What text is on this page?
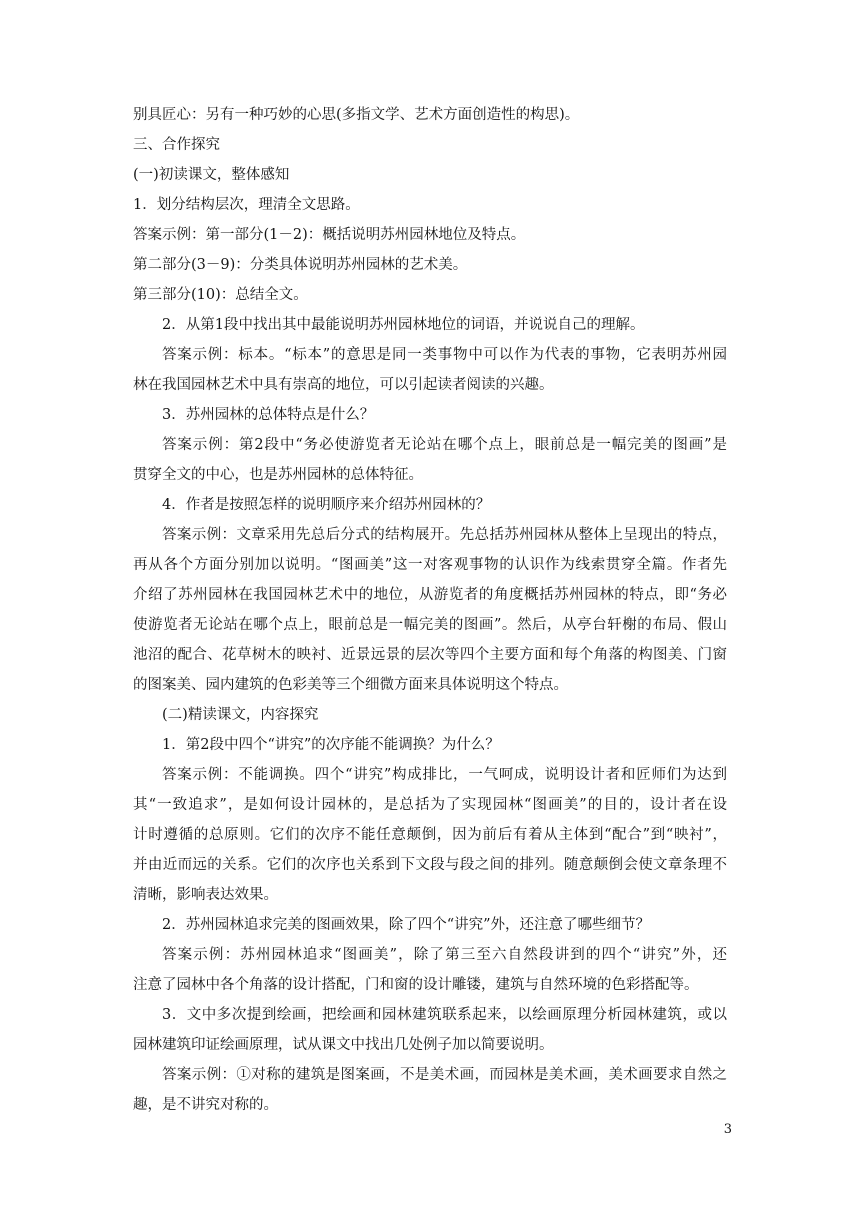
别具匠心：另有一种巧妙的心思(多指文学、艺术方面创造性的构思)。
三、合作探究
(一)初读课文，整体感知
1．划分结构层次，理清全文思路。
答案示例：第一部分(1－2)：概括说明苏州园林地位及特点。
第二部分(3－9)：分类具体说明苏州园林的艺术美。
第三部分(10)：总结全文。
2．从第1段中找出其中最能说明苏州园林地位的词语，并说说自己的理解。
答案示例：标本。“标本”的意思是同一类事物中可以作为代表的事物，它表明苏州园
林在我国园林艺术中具有崇高的地位，可以引起读者阅读的兴趣。
3．苏州园林的总体特点是什么？
答案示例：第2段中“务必使游览者无论站在哪个点上，眼前总是一幅完美的图画”是
贯穿全文的中心，也是苏州园林的总体特征。
4．作者是按照怎样的说明顺序来介绍苏州园林的？
答案示例：文章采用先总后分式的结构展开。先总括苏州园林从整体上呈现出的特点，
再从各个方面分别加以说明。“图画美”这一对客观事物的认识作为线索贯穿全篇。作者先
介绍了苏州园林在我国园林艺术中的地位，从游览者的角度概括苏州园林的特点，即“务必
使游览者无论站在哪个点上，眼前总是一幅完美的图画”。然后，从亭台轩榭的布局、假山
池沼的配合、花草树木的映衬、近景远景的层次等四个主要方面和每个角落的构图美、门窗
的图案美、园内建筑的色彩美等三个细微方面来具体说明这个特点。
(二)精读课文，内容探究
1．第2段中四个“讲究”的次序能不能调换？为什么？
答案示例：不能调换。四个“讲究”构成排比，一气呵成，说明设计者和匠师们为达到
其“一致追求”，是如何设计园林的，是总括为了实现园林“图画美”的目的，设计者在设
计时遵循的总原则。它们的次序不能任意颠倒，因为前后有着从主体到“配合”到“映衬”，
并由近而远的关系。它们的次序也关系到下文段与段之间的排列。随意颠倒会使文章条理不
清晰，影响表达效果。
2．苏州园林追求完美的图画效果，除了四个“讲究”外，还注意了哪些细节？
答案示例：苏州园林追求“图画美”，除了第三至六自然段讲到的四个“讲究”外，还
注意了园林中各个角落的设计搭配，门和窗的设计雕镂，建筑与自然环境的色彩搭配等。
3．文中多次提到绘画，把绘画和园林建筑联系起来，以绘画原理分析园林建筑，或以
园林建筑印证绘画原理，试从课文中找出几处例子加以简要说明。
答案示例：①对称的建筑是图案画，不是美术画，而园林是美术画，美术画要求自然之
趣，是不讲究对称的。
3
